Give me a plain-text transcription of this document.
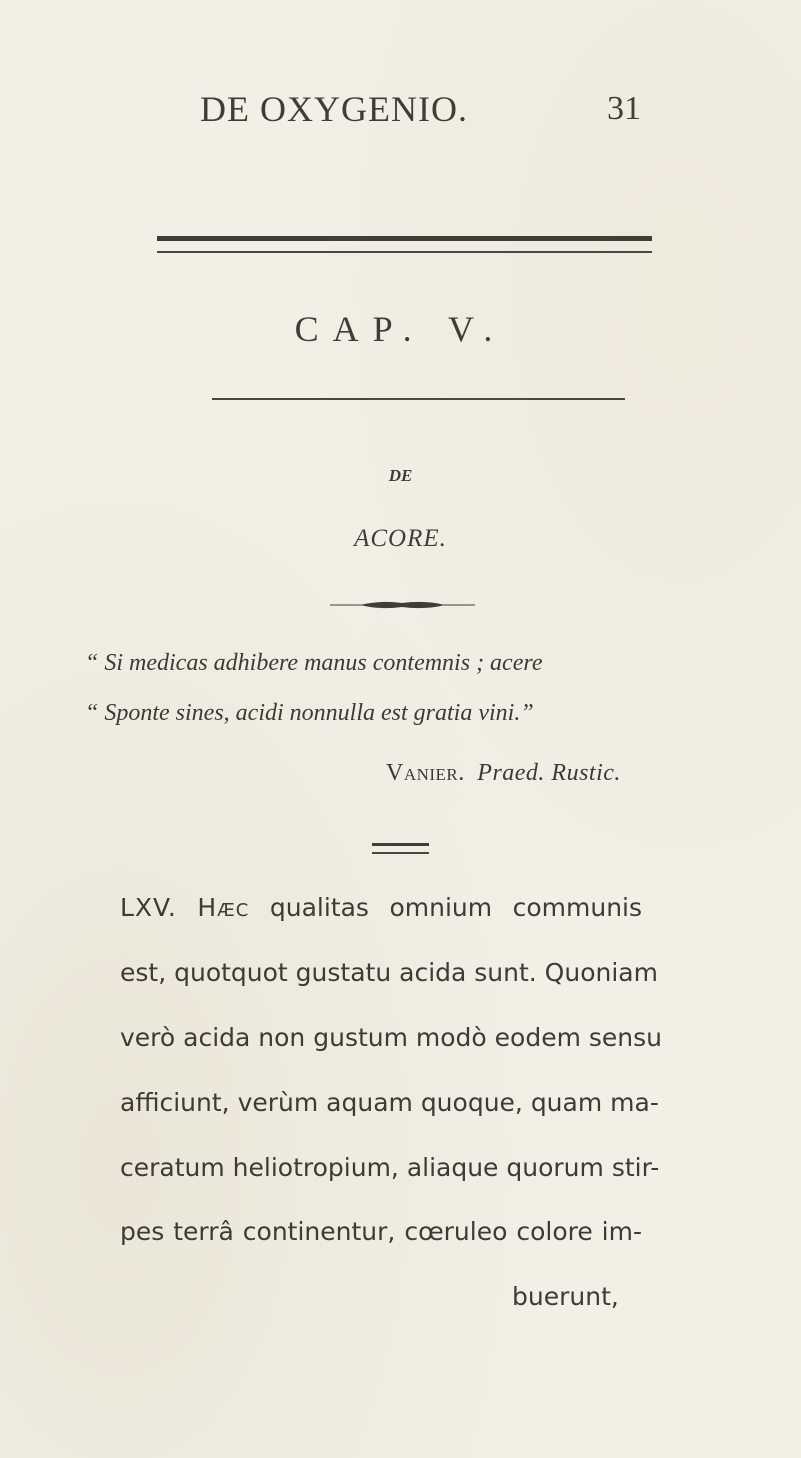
DE OXYGENIO.	31
CAP. V.
DE
ACORE.
“ Si medicas adhibere manus contemnis ; acere
“ Sponte sines, acidi nonnulla est gratia vini.”
Vanier. Praed. Rustic.
LXV. Hæc qualitas omnium communis
est, quotquot gustatu acida sunt. Quoniam
verò acida non gustum modò eodem sensu
afficiunt, verùm aquam quoque, quam ma-
ceratum heliotropium, aliaque quorum stir-
pes terrâ continentur, cœruleo colore im-
buerunt,
